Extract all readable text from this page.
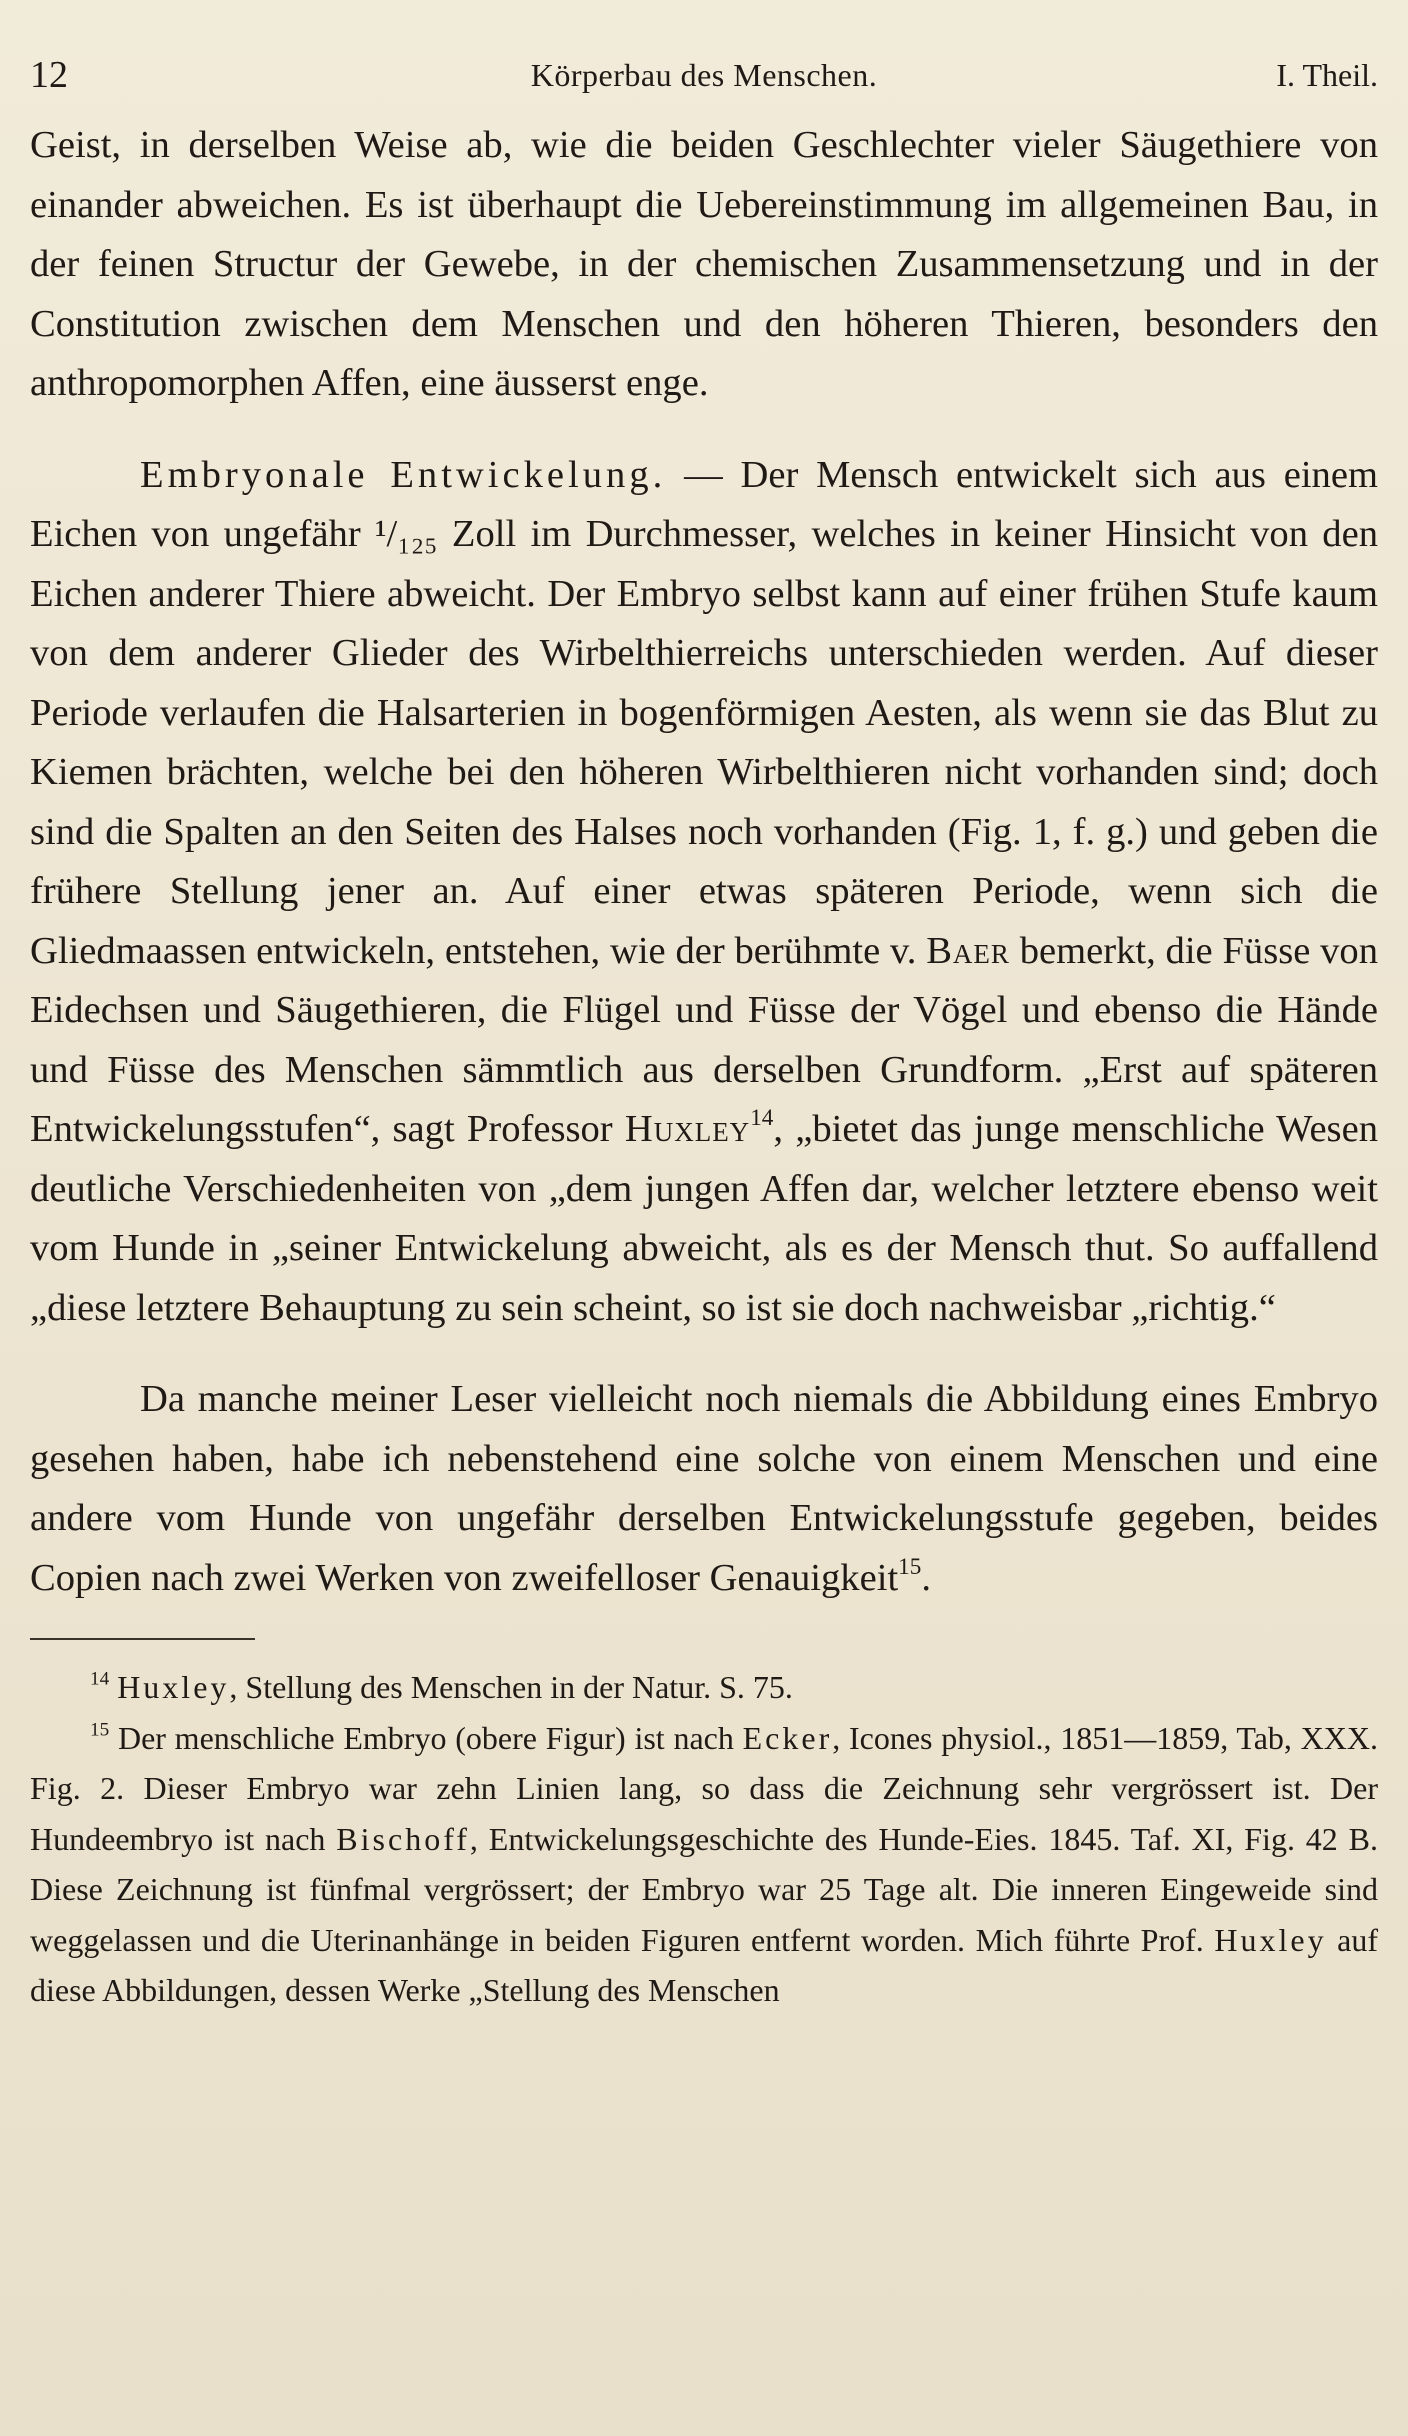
12	Körperbau des Menschen.	I. Theil.

Geist, in derselben Weise ab, wie die beiden Geschlechter vieler Säugethiere von einander abweichen. Es ist überhaupt die Uebereinstimmung im allgemeinen Bau, in der feinen Structur der Gewebe, in der chemischen Zusammensetzung und in der Constitution zwischen dem Menschen und den höheren Thieren, besonders den anthropomorphen Affen, eine äusserst enge.

Embryonale Entwickelung. — Der Mensch entwickelt sich aus einem Eichen von ungefähr ¹/₁₂₅ Zoll im Durchmesser, welches in keiner Hinsicht von den Eichen anderer Thiere abweicht. Der Embryo selbst kann auf einer frühen Stufe kaum von dem anderer Glieder des Wirbelthierreichs unterschieden werden. Auf dieser Periode verlaufen die Halsarterien in bogenförmigen Aesten, als wenn sie das Blut zu Kiemen brächten, welche bei den höheren Wirbelthieren nicht vorhanden sind; doch sind die Spalten an den Seiten des Halses noch vorhanden (Fig. 1, f. g.) und geben die frühere Stellung jener an. Auf einer etwas späteren Periode, wenn sich die Gliedmaassen entwickeln, entstehen, wie der berühmte v. Baer bemerkt, die Füsse von Eidechsen und Säugethieren, die Flügel und Füsse der Vögel und ebenso die Hände und Füsse des Menschen sämmtlich aus derselben Grundform. „Erst auf späteren Entwickelungsstufen“, sagt Professor Huxley$^{14}$, „bietet das junge menschliche Wesen deutliche Verschiedenheiten von „dem jungen Affen dar, welcher letztere ebenso weit vom Hunde in „seiner Entwickelung abweicht, als es der Mensch thut. So auffallend „diese letztere Behauptung zu sein scheint, so ist sie doch nachweisbar „richtig.“

Da manche meiner Leser vielleicht noch niemals die Abbildung eines Embryo gesehen haben, habe ich nebenstehend eine solche von einem Menschen und eine andere vom Hunde von ungefähr derselben Entwickelungsstufe gegeben, beides Copien nach zwei Werken von zweifelloser Genauigkeit$^{15}$.

$^{14}$ Huxley, Stellung des Menschen in der Natur. S. 75.

$^{15}$ Der menschliche Embryo (obere Figur) ist nach Ecker, Icones physiol., 1851—1859, Tab, XXX. Fig. 2. Dieser Embryo war zehn Linien lang, so dass die Zeichnung sehr vergrössert ist. Der Hundeembryo ist nach Bischoff, Entwickelungsgeschichte des Hunde-Eies. 1845. Taf. XI, Fig. 42 B. Diese Zeichnung ist fünfmal vergrössert; der Embryo war 25 Tage alt. Die inneren Eingeweide sind weggelassen und die Uterinanhänge in beiden Figuren entfernt worden. Mich führte Prof. Huxley auf diese Abbildungen, dessen Werke „Stellung des Menschen
